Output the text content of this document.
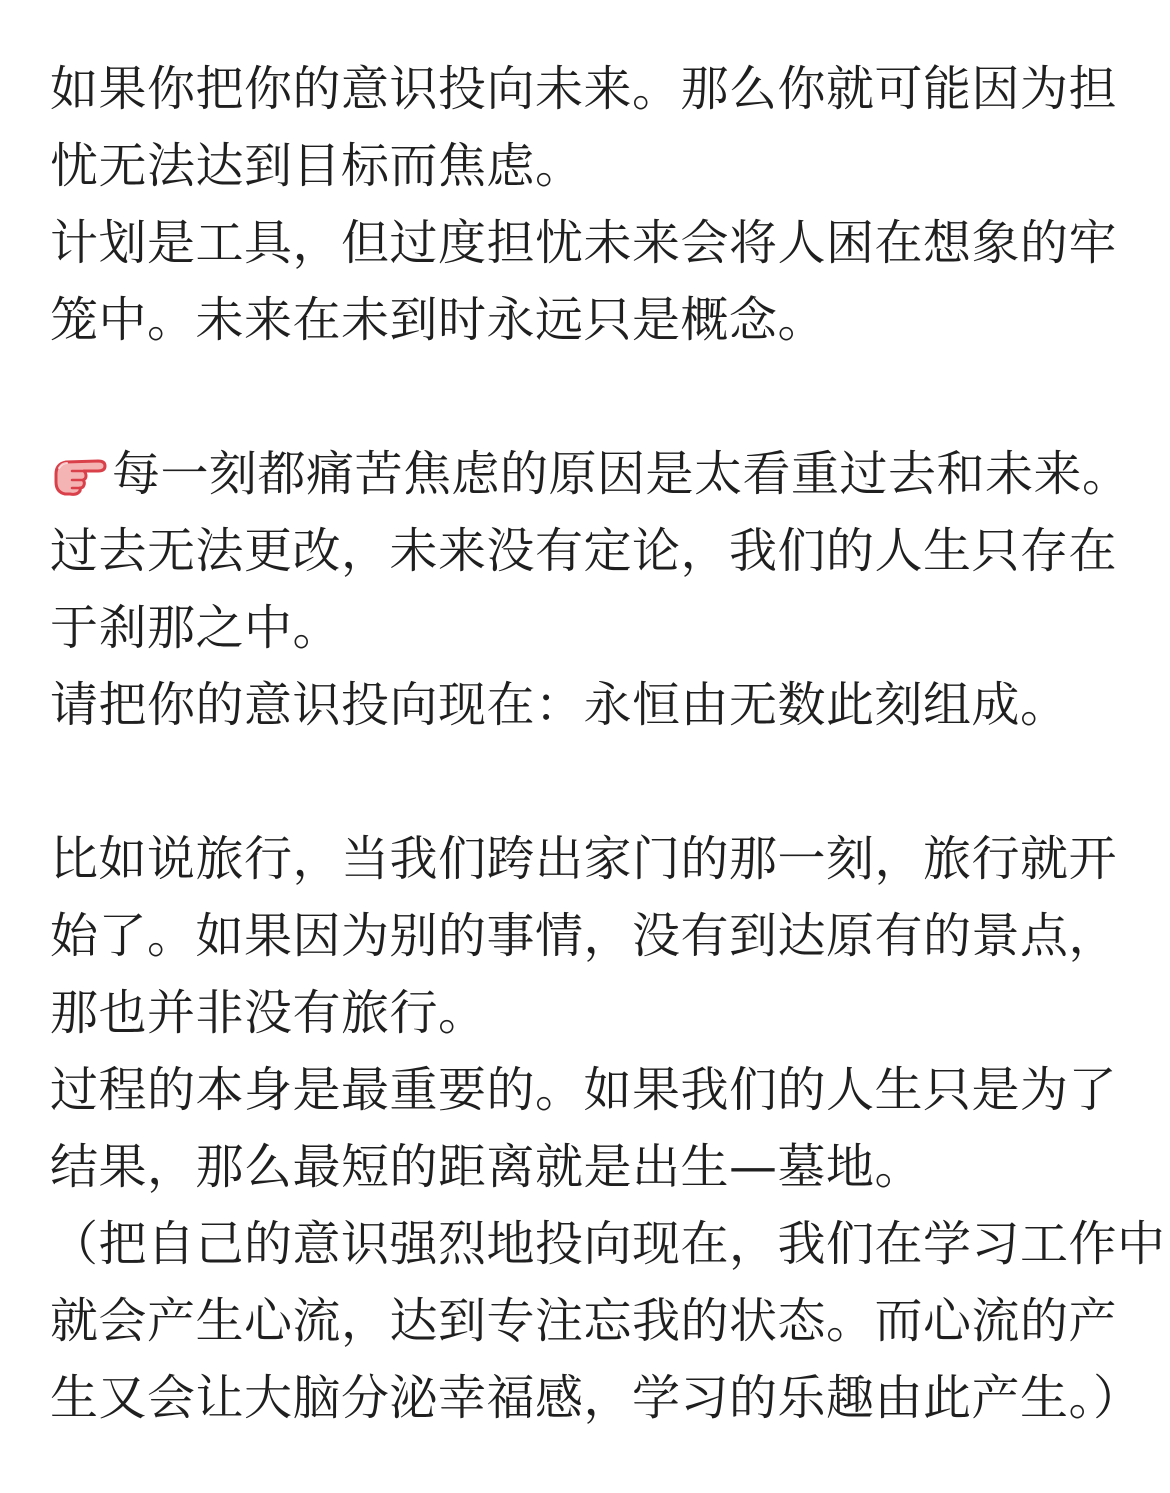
如果你把你的意识投向未来。那么你就可能因为担
忧无法达到目标而焦虑。
计划是工具，但过度担忧未来会将人困在想象的牢
笼中。未来在未到时永远只是概念。
每一刻都痛苦焦虑的原因是太看重过去和未来。
过去无法更改，未来没有定论，我们的人生只存在
于刹那之中。
请把你的意识投向现在：永恒由无数此刻组成。
比如说旅行，当我们跨出家门的那一刻，旅行就开
始了。如果因为别的事情，没有到达原有的景点，
那也并非没有旅行。
过程的本身是最重要的。如果我们的人生只是为了
结果，那么最短的距离就是出生—墓地。
（把自己的意识强烈地投向现在，我们在学习工作中
就会产生心流，达到专注忘我的状态。而心流的产
生又会让大脑分泌幸福感，学习的乐趣由此产生。）
